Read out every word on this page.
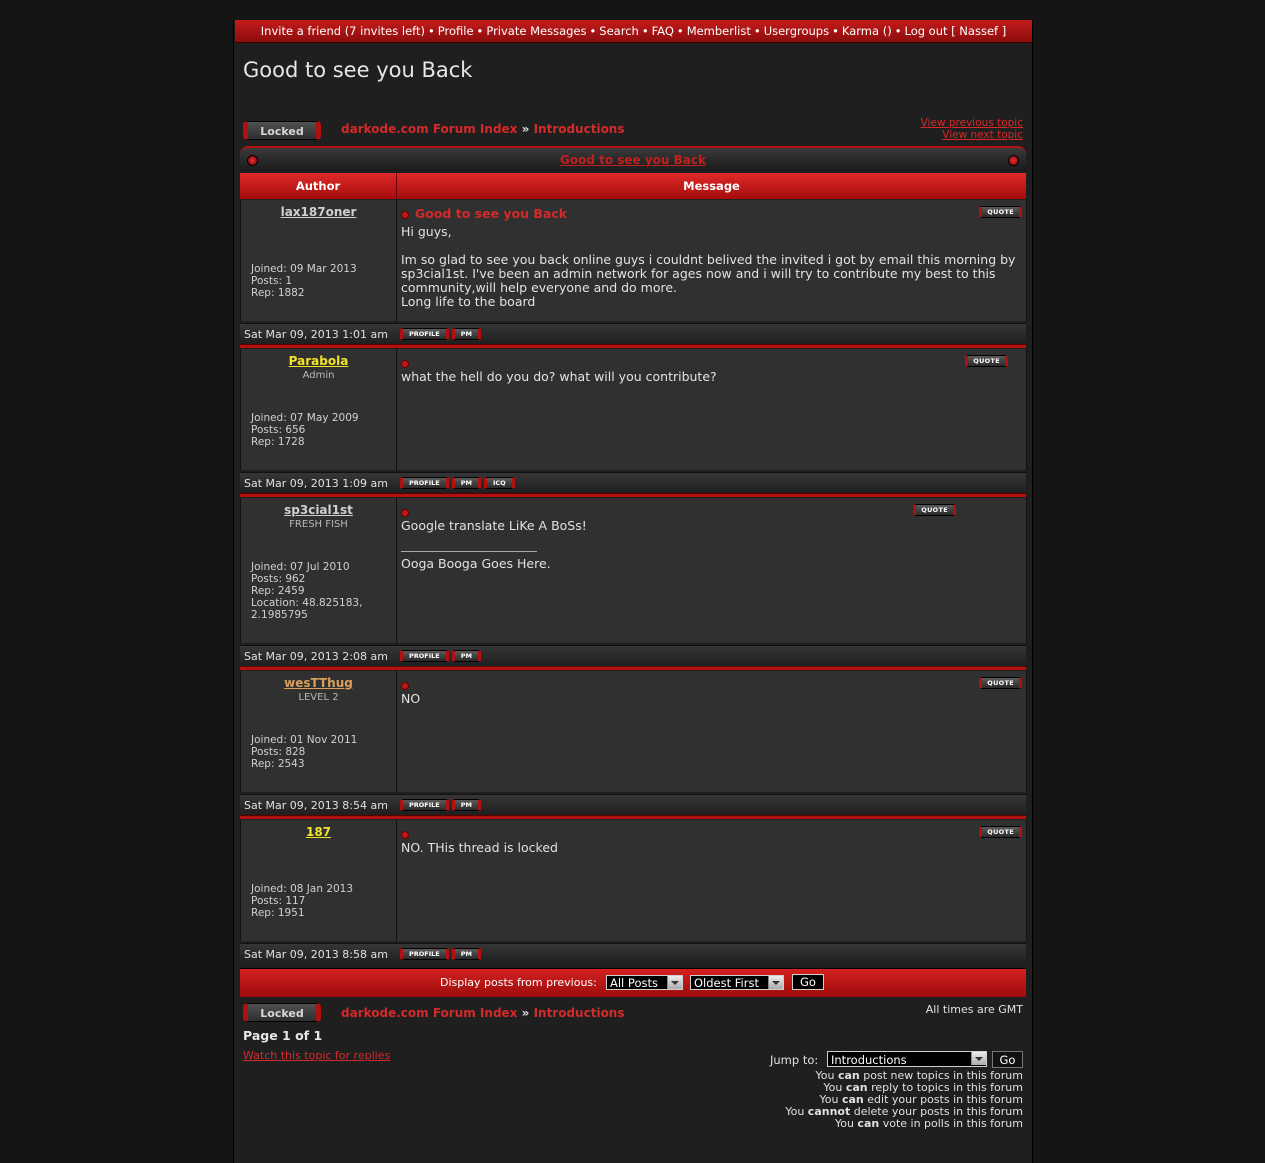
Invite a friend (7 invites left) • Profile • Private Messages • Search • FAQ • Memberlist • Usergroups • Karma () • Log out [ Nassef ]
Good to see you Back
Locked	darkode.com Forum Index » Introductions	View previous topic
View next topic
Good to see you Back
Author	Message
lax187oner
Joined: 09 Mar 2013
Posts: 1
Rep: 1882
Good to see you Back	QUOTE

Hi guys,

Im so glad to see you back online guys i couldnt belived the invited i got by email this morning by sp3cial1st. I've been an admin network for ages now and i will try to contribute my best to this community,will help everyone and do more.

Long life to the board

Sat Mar 09, 2013 1:01 am	PROFILE	PM
Parabola
Admin
Joined: 07 May 2009
Posts: 656
Rep: 1728
QUOTE

what the hell do you do? what will you contribute?

Sat Mar 09, 2013 1:09 am	PROFILE	PM	ICQ
sp3cial1st
FRESH FISH
Joined: 07 Jul 2010
Posts: 962
Rep: 2459
Location: 48.825183, 2.1985795
QUOTE

Google translate LiKe A BoSs!

Ooga Booga Goes Here.

Sat Mar 09, 2013 2:08 am	PROFILE	PM
wesTThug
LEVEL 2
Joined: 01 Nov 2011
Posts: 828
Rep: 2543
QUOTE

NO

Sat Mar 09, 2013 8:54 am	PROFILE	PM
187
Joined: 08 Jan 2013
Posts: 117
Rep: 1951
QUOTE

NO. THis thread is locked

Sat Mar 09, 2013 8:58 am	PROFILE	PM
Display posts from previous:	All Posts	Oldest First	Go
Locked	darkode.com Forum Index » Introductions	All times are GMT
Page 1 of 1
Watch this topic for replies	Jump to:	Introductions	Go
You can post new topics in this forum
You can reply to topics in this forum
You can edit your posts in this forum
You cannot delete your posts in this forum
You can vote in polls in this forum
